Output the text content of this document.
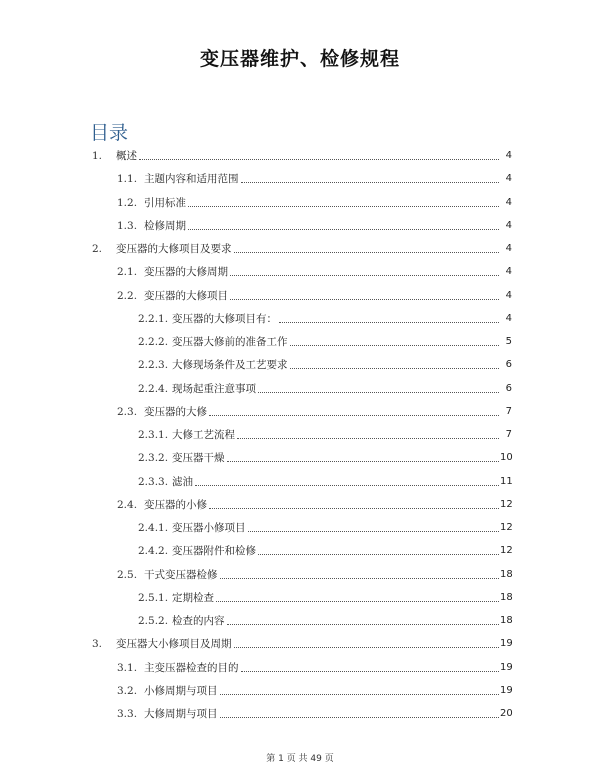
变压器维护、检修规程
目录
1.	概述	4
1.1. 主题内容和适用范围	4
1.2. 引用标准	4
1.3. 检修周期	4
2.	变压器的大修项目及要求	4
2.1. 变压器的大修周期	4
2.2. 变压器的大修项目	4
2.2.1. 变压器的大修项目有：	4
2.2.2. 变压器大修前的准备工作	5
2.2.3. 大修现场条件及工艺要求	6
2.2.4. 现场起重注意事项	6
2.3. 变压器的大修	7
2.3.1. 大修工艺流程	7
2.3.2. 变压器干燥	10
2.3.3. 滤油	11
2.4. 变压器的小修	12
2.4.1. 变压器小修项目	12
2.4.2. 变压器附件和检修	12
2.5. 干式变压器检修	18
2.5.1. 定期检查	18
2.5.2. 检查的内容	18
3.	变压器大小修项目及周期	19
3.1. 主变压器检查的目的	19
3.2. 小修周期与项目	19
3.3. 大修周期与项目	20
第 1 页 共 49 页
